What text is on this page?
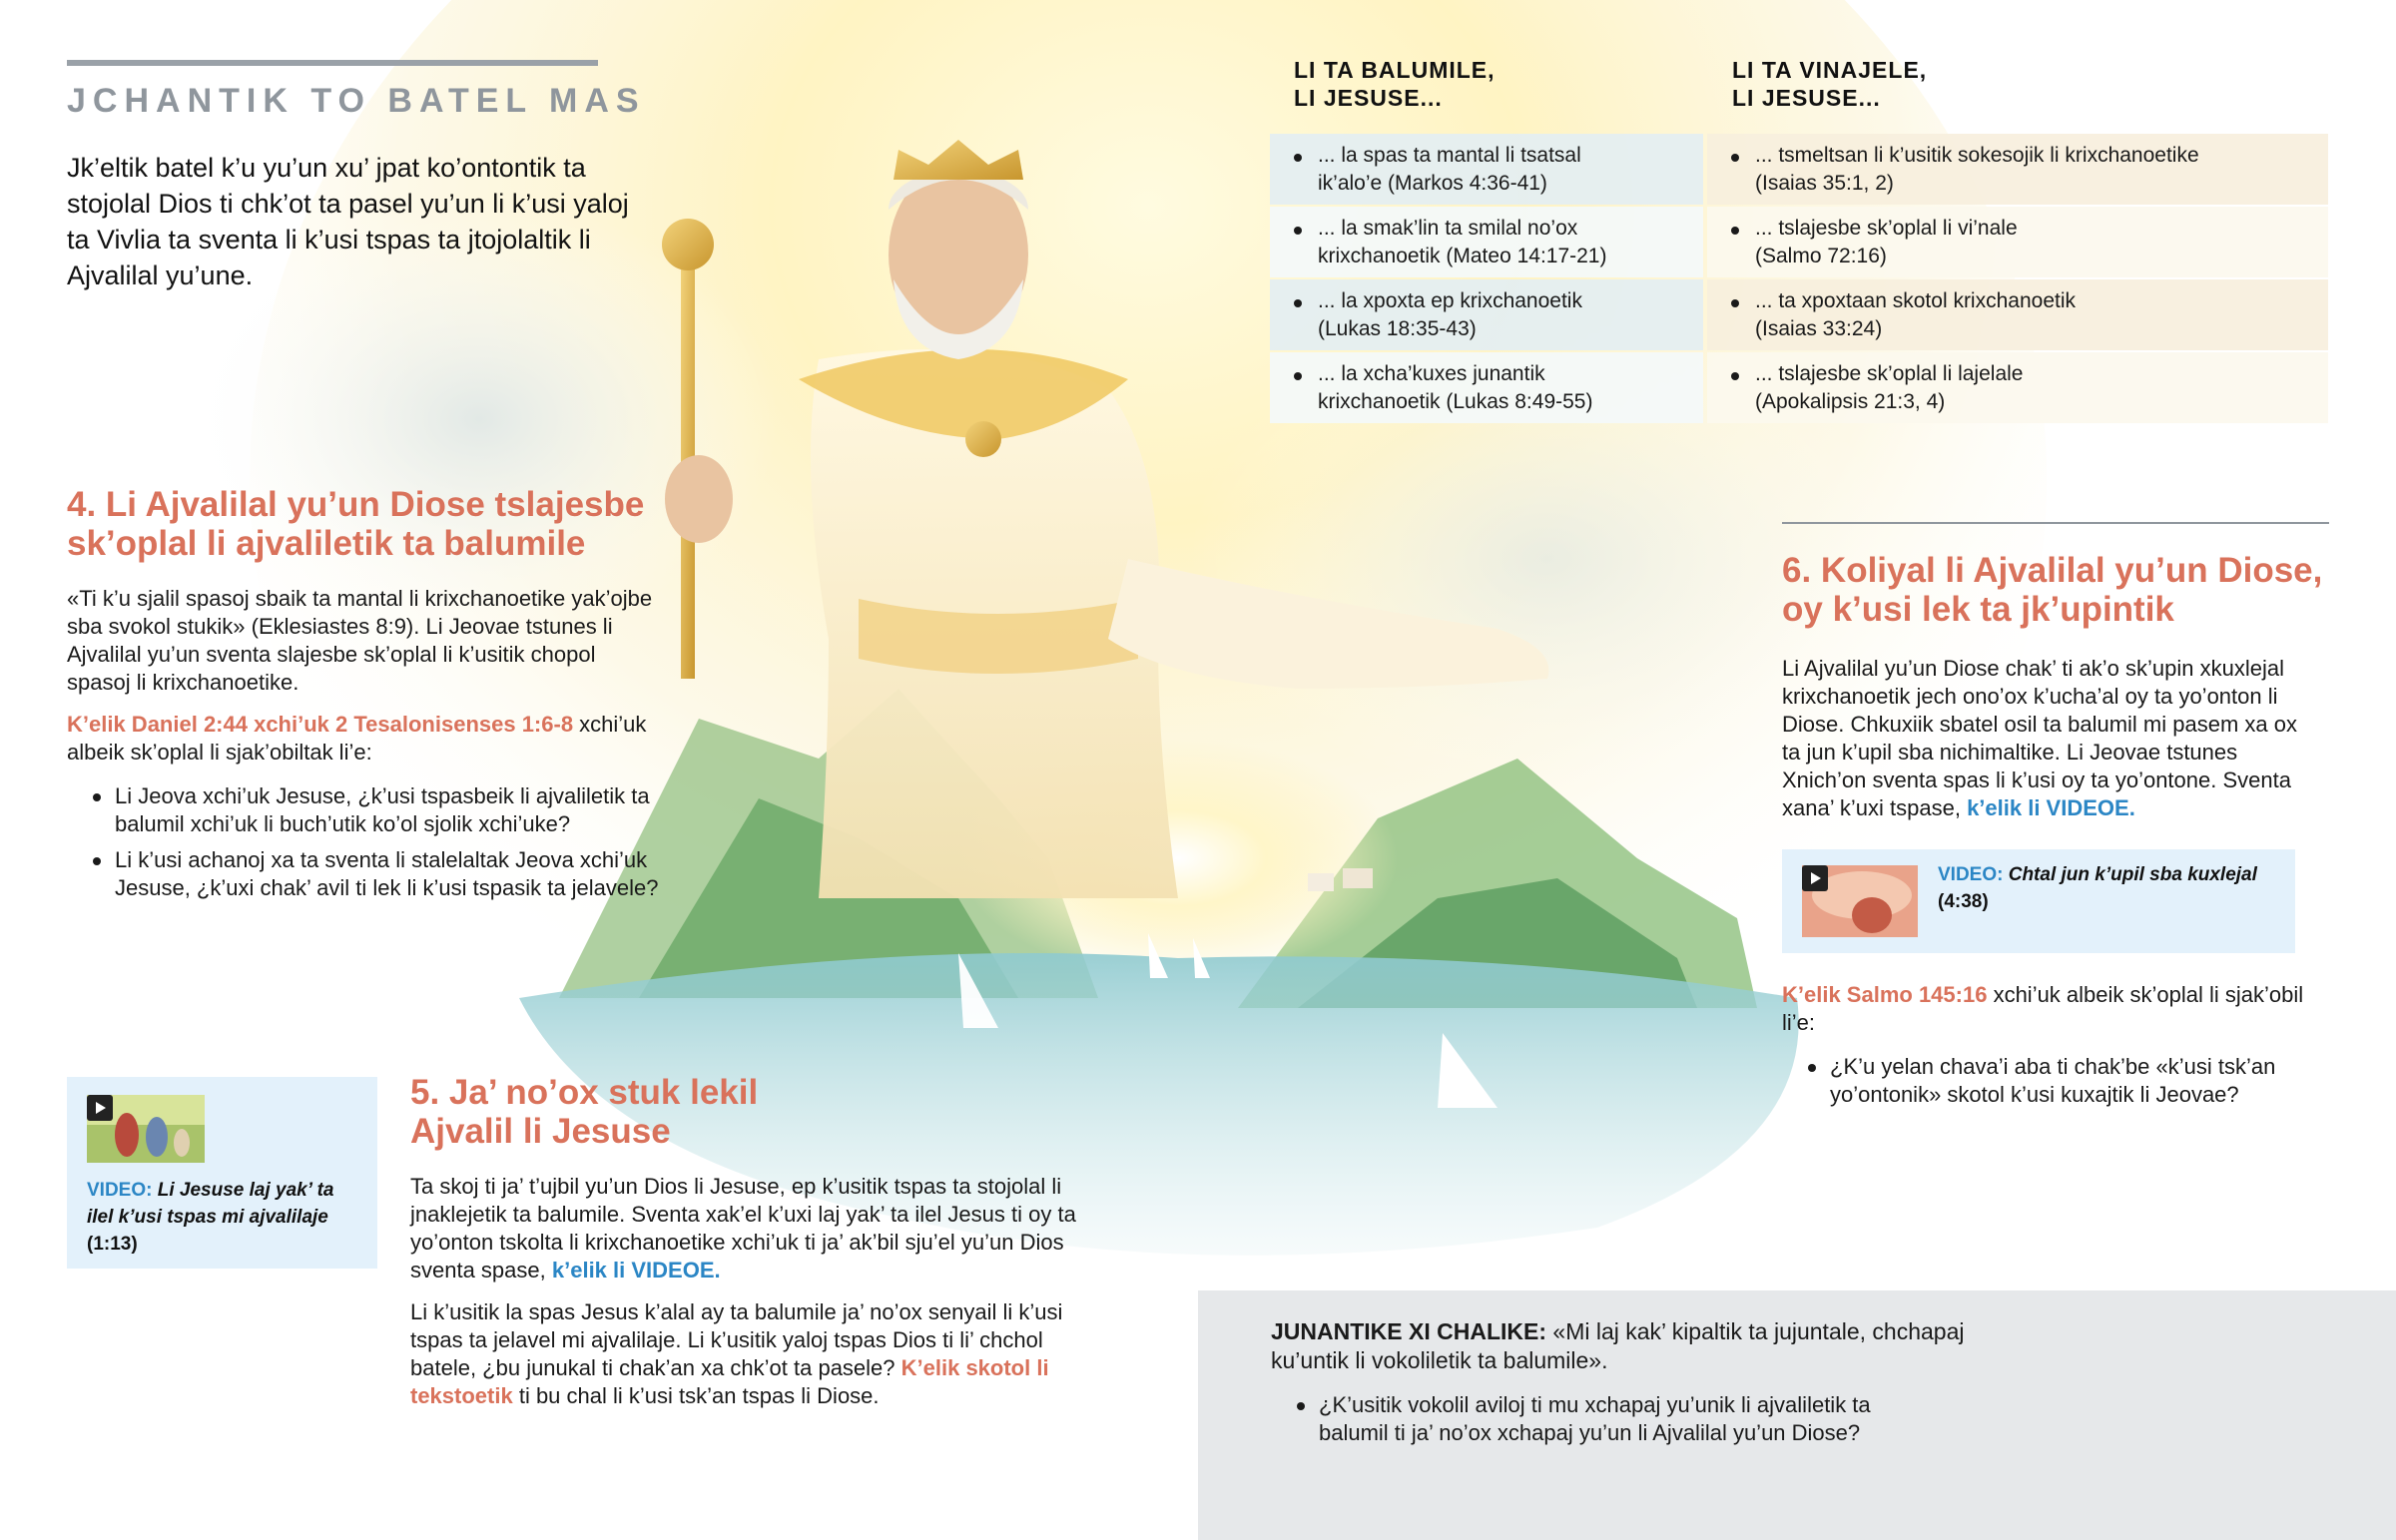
JCHANTIK TO BATEL MAS
Jk’eltik batel k’u yu’un xu’ jpat ko’ontontik ta stojolal Dios ti chk’ot ta pasel yu’un li k’usi yaloj ta Vivlia ta sventa li k’usi tspas ta jtojolaltik li Ajvalilal yu’une.
LI TA BALUMILE,
LI JESUSE...
LI TA VINAJELE,
LI JESUSE...
... la spas ta mantal li tsatsal
ik’alo’e (Markos 4:36-41)
... la smak’lin ta smilal no’ox
krixchanoetik (Mateo 14:17-21)
... la xpoxta ep krixchanoetik
(Lukas 18:35-43)
... la xcha’kuxes junantik
krixchanoetik (Lukas 8:49-55)
... tsmeltsan li k’usitik sokesojik li krixchanoetike
(Isaias 35:1, 2)
... tslajesbe sk’oplal li vi’nale
(Salmo 72:16)
... ta xpoxtaan skotol krixchanoetik
(Isaias 33:24)
... tslajesbe sk’oplal li lajelale
(Apokalipsis 21:3, 4)
4. Li Ajvalilal yu’un Diose tslajesbe
sk’oplal li ajvaliletik ta balumile
«Ti k’u sjalil spasoj sbaik ta mantal li krixchanoetike yak’ojbe sba svokol stukik» (Eklesiastes 8:9). Li Jeovae tstunes li Ajvalilal yu’un sventa slajesbe sk’oplal li k’usitik chopol spasoj li krixchanoetike.
K’elik Daniel 2:44 xchi’uk 2 Tesalonisenses 1:6-8 xchi’uk albeik sk’oplal li sjak’obiltak li’e:
Li Jeova xchi’uk Jesuse, ¿k’usi tspasbeik li ajvaliletik ta balumil xchi’uk li buch’utik ko’ol sjolik xchi’uke?
Li k’usi achanoj xa ta sventa li stalelaltak Jeova xchi’uk Jesuse, ¿k’uxi chak’ avil ti lek li k’usi tspasik ta jelavele?
VIDEO: Li Jesuse laj yak’ ta ilel k’usi tspas mi ajvalilaje
(1:13)
5. Ja’ no’ox stuk lekil
Ajvalil li Jesuse
Ta skoj ti ja’ t’ujbil yu’un Dios li Jesuse, ep k’usitik tspas ta stojolal li jnaklejetik ta balumile. Sventa xak’el k’uxi laj yak’ ta ilel Jesus ti oy ta yo’onton tskolta li krixchanoetike xchi’uk ti ja’ ak’bil sju’el yu’un Dios sventa spase, k’elik li VIDEOE.
Li k’usitik la spas Jesus k’alal ay ta balumile ja’ no’ox senyail li k’usi tspas ta jelavel mi ajvalilaje. Li k’usitik yaloj tspas Dios ti li’ chchol batele, ¿bu junukal ti chak’an xa chk’ot ta pasele? K’elik skotol li tekstoetik ti bu chal li k’usi tsk’an tspas li Diose.
6. Koliyal li Ajvalilal yu’un Diose,
oy k’usi lek ta jk’upintik
Li Ajvalilal yu’un Diose chak’ ti ak’o sk’upin xkuxlejal krixchanoetik jech ono’ox k’ucha’al oy ta yo’onton li Diose. Chkuxiik sbatel osil ta balumil mi pasem xa ox ta jun k’upil sba nichimaltike. Li Jeovae tstunes Xnich’on sventa spas li k’usi oy ta yo’ontone. Sventa xana’ k’uxi tspase, k’elik li VIDEOE.
VIDEO: Chtal jun k’upil sba kuxlejal
(4:38)
K’elik Salmo 145:16 xchi’uk albeik sk’oplal li sjak’obil li’e:
¿K’u yelan chava’i aba ti chak’be «k’usi tsk’an yo’ontonik» skotol k’usi kuxajtik li Jeovae?
JUNANTIKE XI CHALIKE: «Mi laj kak’ kipaltik ta jujuntale, chchapaj ku’untik li vokoliletik ta balumile».
¿K’usitik vokolil aviloj ti mu xchapaj yu’unik li ajvaliletik ta balumil ti ja’ no’ox xchapaj yu’un li Ajvalilal yu’un Diose?
